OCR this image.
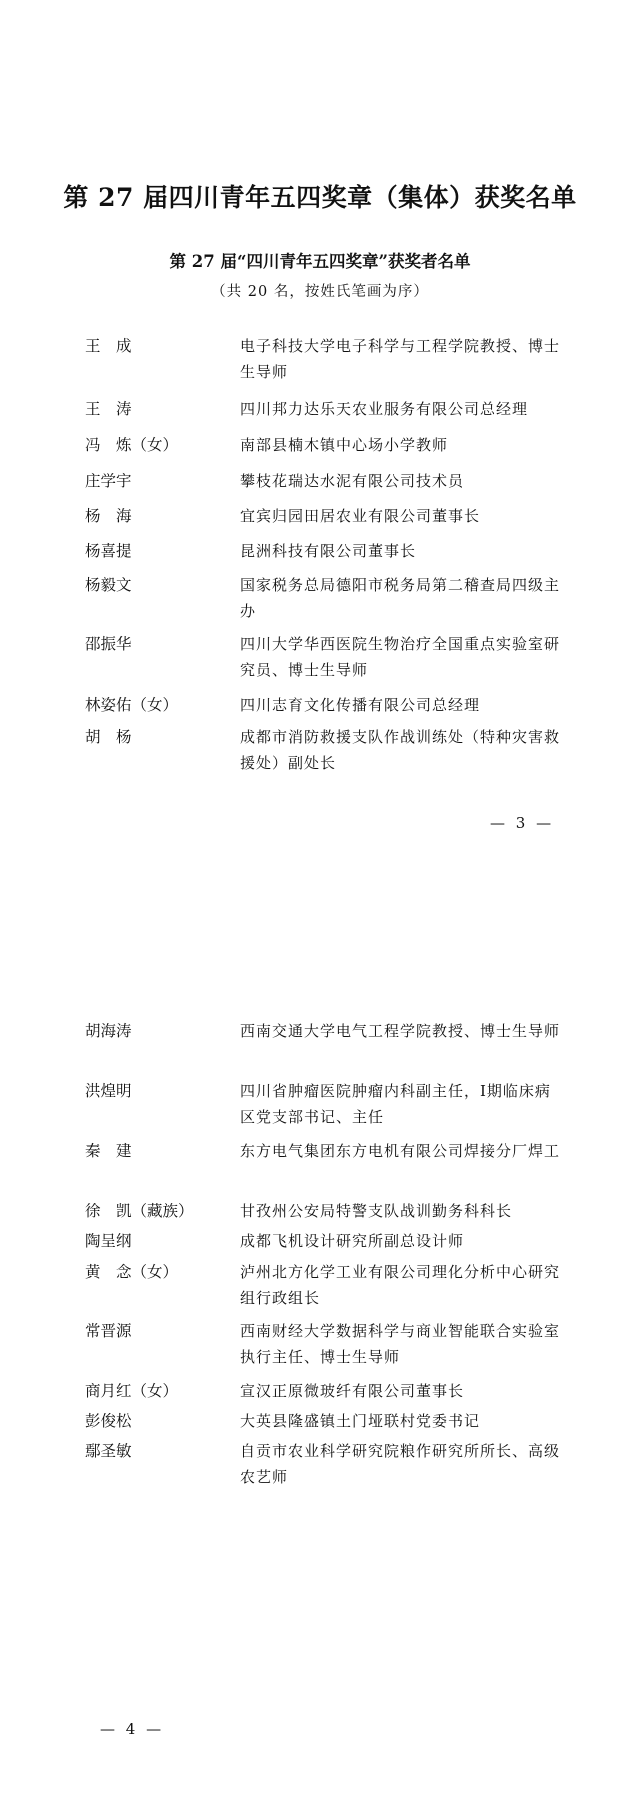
第 27 届四川青年五四奖章（集体）获奖名单
第 27 届“四川青年五四奖章”获奖者名单
（共 20 名，按姓氏笔画为序）
王　成	电子科技大学电子科学与工程学院教授、博士生导师
王　涛	四川邦力达乐天农业服务有限公司总经理
冯　炼（女）	南部县楠木镇中心场小学教师
庄学宇	攀枝花瑞达水泥有限公司技术员
杨　海	宜宾归园田居农业有限公司董事长
杨喜提	昆洲科技有限公司董事长
杨毅文	国家税务总局德阳市税务局第二稽查局四级主办
邵振华	四川大学华西医院生物治疗全国重点实验室研究员、博士生导师
林姿佑（女）	四川志育文化传播有限公司总经理
胡　杨	成都市消防救援支队作战训练处（特种灾害救援处）副处长
— 3 —
胡海涛	西南交通大学电气工程学院教授、博士生导师
洪煌明	四川省肿瘤医院肿瘤内科副主任，Ⅰ期临床病区党支部书记、主任
秦　建	东方电气集团东方电机有限公司焊接分厂焊工
徐　凯（藏族）	甘孜州公安局特警支队战训勤务科科长
陶呈纲	成都飞机设计研究所副总设计师
黄　念（女）	泸州北方化学工业有限公司理化分析中心研究组行政组长
常晋源	西南财经大学数据科学与商业智能联合实验室执行主任、博士生导师
商月红（女）	宣汉正原微玻纤有限公司董事长
彭俊松	大英县隆盛镇土门垭联村党委书记
鄢圣敏	自贡市农业科学研究院粮作研究所所长、高级农艺师
— 4 —
